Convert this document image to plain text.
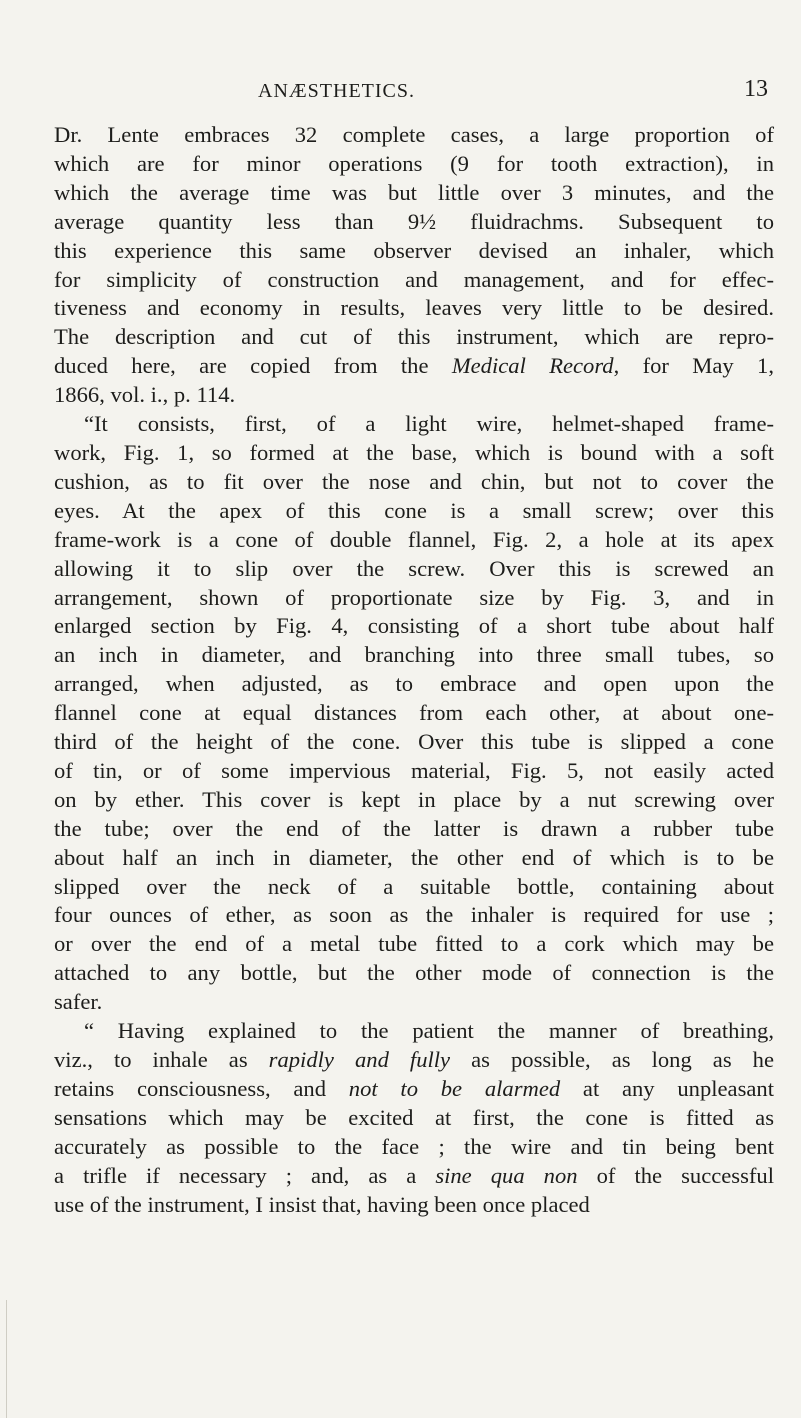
ANÆSTHETICS.	13
Dr. Lente embraces 32 complete cases, a large proportion of
which are for minor operations (9 for tooth extraction), in
which the average time was but little over 3 minutes, and the
average quantity less than 9½ fluidrachms. Subsequent to
this experience this same observer devised an inhaler, which
for simplicity of construction and management, and for effec-
tiveness and economy in results, leaves very little to be desired.
The description and cut of this instrument, which are repro-
duced here, are copied from the Medical Record, for May 1,
1866, vol. i., p. 114.
“It consists, first, of a light wire, helmet-shaped frame-
work, Fig. 1, so formed at the base, which is bound with a soft
cushion, as to fit over the nose and chin, but not to cover the
eyes. At the apex of this cone is a small screw; over this
frame-work is a cone of double flannel, Fig. 2, a hole at its apex
allowing it to slip over the screw. Over this is screwed an
arrangement, shown of proportionate size by Fig. 3, and in
enlarged section by Fig. 4, consisting of a short tube about half
an inch in diameter, and branching into three small tubes, so
arranged, when adjusted, as to embrace and open upon the
flannel cone at equal distances from each other, at about one-
third of the height of the cone. Over this tube is slipped a cone
of tin, or of some impervious material, Fig. 5, not easily acted
on by ether. This cover is kept in place by a nut screwing over
the tube; over the end of the latter is drawn a rubber tube
about half an inch in diameter, the other end of which is to be
slipped over the neck of a suitable bottle, containing about
four ounces of ether, as soon as the inhaler is required for use ;
or over the end of a metal tube fitted to a cork which may be
attached to any bottle, but the other mode of connection is the
safer.
“ Having explained to the patient the manner of breathing,
viz., to inhale as rapidly and fully as possible, as long as he
retains consciousness, and not to be alarmed at any unpleasant
sensations which may be excited at first, the cone is fitted as
accurately as possible to the face ; the wire and tin being bent
a trifle if necessary ; and, as a sine qua non of the successful
use of the instrument, I insist that, having been once placed
